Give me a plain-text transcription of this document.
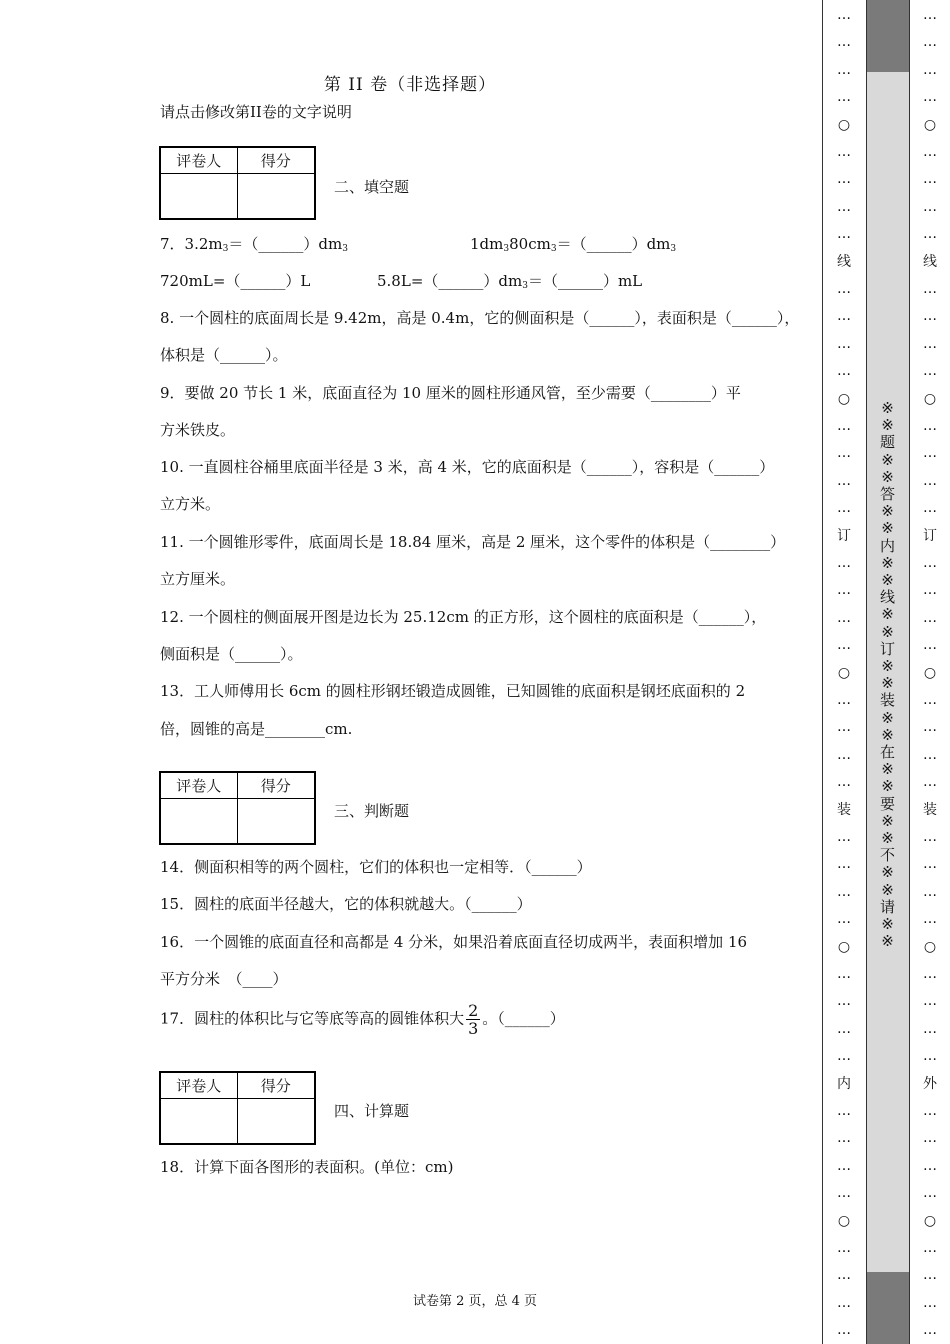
第 II 卷（非选择题）
请点击修改第II卷的文字说明
评卷人	得分
二、填空题
7．$3.2m_3=(\_\_\_\_\_\_)dm_3$	$1dm_380cm_3=(\_\_\_\_\_\_)dm_3$
720mL=（______）L	$5.8L=(\_\_\_\_\_\_)dm_3=(\_\_\_\_\_\_)mL$
8. 一个圆柱的底面周长是 9.42m，高是 0.4m，它的侧面积是（______），表面积是（______），
体积是（______）。
9．要做 20 节长 1 米，底面直径为 10 厘米的圆柱形通风管，至少需要（________）平
方米铁皮。
10. 一直圆柱谷桶里底面半径是 3 米，高 4 米，它的底面积是（______），容积是（______）
立方米。
11. 一个圆锥形零件，底面周长是 18.84 厘米，高是 2 厘米，这个零件的体积是（________）
立方厘米。
12. 一个圆柱的侧面展开图是边长为 25.12cm 的正方形，这个圆柱的底面积是（______），
侧面积是（______）。
13．工人师傅用长 6cm 的圆柱形钢坯锻造成圆锥，已知圆锥的底面积是钢坯底面积的 2
倍，圆锥的高是________cm.
评卷人	得分
三、判断题
14．侧面积相等的两个圆柱，它们的体积也一定相等．（______）
15．圆柱的底面半径越大，它的体积就越大。（______）
16．一个圆锥的底面直径和高都是 4 分米，如果沿着底面直径切成两半，表面积增加 16
平方分米　（____）
17．圆柱的体积比与它等底等高的圆锥体积大 $\frac{2}{3}$ 。（______）
评卷人	得分
四、计算题
18．计算下面各图形的表面积。(单位：cm)
试卷第 2 页，总 4 页
…
…
…
…
○
…
…
…
…
线
…
…
…
…
○
…
…
…
…
订
…
…
…
…
○
…
…
…
…
装
…
…
…
…
○
…
…
…
…
内
…
…
…
…
○
…
…
…
…
…
…
…
…
○
…
…
…
…
线
…
…
…
…
○
…
…
…
…
订
…
…
…
…
○
…
…
…
…
装
…
…
…
…
○
…
…
…
…
外
…
…
…
…
○
…
…
…
…
※
※
题
※
※
答
※
※
内
※
※
线
※
※
订
※
※
装
※
※
在
※
※
要
※
※
不
※
※
请
※
※
